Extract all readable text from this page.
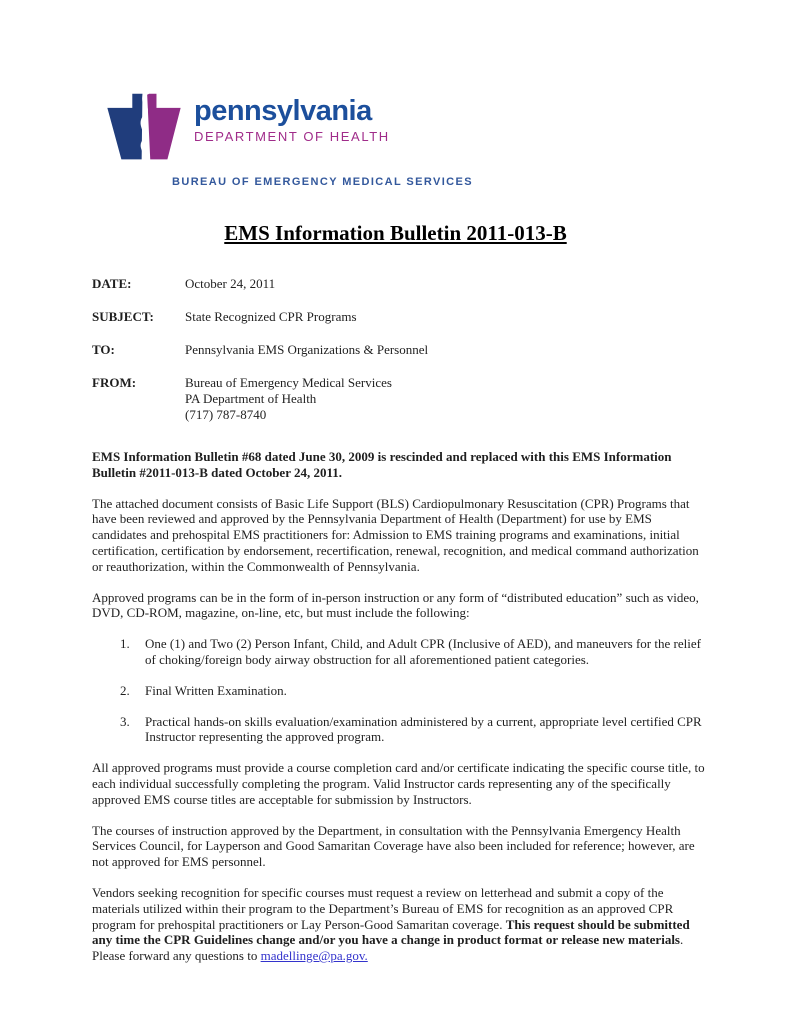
pennsylvania
DEPARTMENT OF HEALTH
BUREAU OF EMERGENCY MEDICAL SERVICES
EMS Information Bulletin 2011-013-B
DATE:	October 24, 2011
SUBJECT:	State Recognized CPR Programs
TO:	Pennsylvania EMS Organizations & Personnel
FROM:	Bureau of Emergency Medical Services
PA Department of Health
(717) 787-8740

EMS Information Bulletin #68 dated June 30, 2009 is rescinded and replaced with this EMS Information Bulletin #2011-013-B dated October 24, 2011.

The attached document consists of Basic Life Support (BLS) Cardiopulmonary Resuscitation (CPR) Programs that have been reviewed and approved by the Pennsylvania Department of Health (Department) for use by EMS candidates and prehospital EMS practitioners for: Admission to EMS training programs and examinations, initial certification, certification by endorsement, recertification, renewal, recognition, and medical command authorization or reauthorization, within the Commonwealth of Pennsylvania.

Approved programs can be in the form of in-person instruction or any form of “distributed education” such as video, DVD, CD-ROM, magazine, on-line, etc, but must include the following:

1.	One (1) and Two (2) Person Infant, Child, and Adult CPR (Inclusive of AED), and maneuvers for the relief of choking/foreign body airway obstruction for all aforementioned patient categories.
2.	Final Written Examination.
3.	Practical hands-on skills evaluation/examination administered by a current, appropriate level certified CPR Instructor representing the approved program.

All approved programs must provide a course completion card and/or certificate indicating the specific course title, to each individual successfully completing the program. Valid Instructor cards representing any of the specifically approved EMS course titles are acceptable for submission by Instructors.

The courses of instruction approved by the Department, in consultation with the Pennsylvania Emergency Health Services Council, for Layperson and Good Samaritan Coverage have also been included for reference; however, are not approved for EMS personnel.

Vendors seeking recognition for specific courses must request a review on letterhead and submit a copy of the materials utilized within their program to the Department’s Bureau of EMS for recognition as an approved CPR program for prehospital practitioners or Lay Person-Good Samaritan coverage. This request should be submitted any time the CPR Guidelines change and/or you have a change in product format or release new materials. Please forward any questions to madellinge@pa.gov.
